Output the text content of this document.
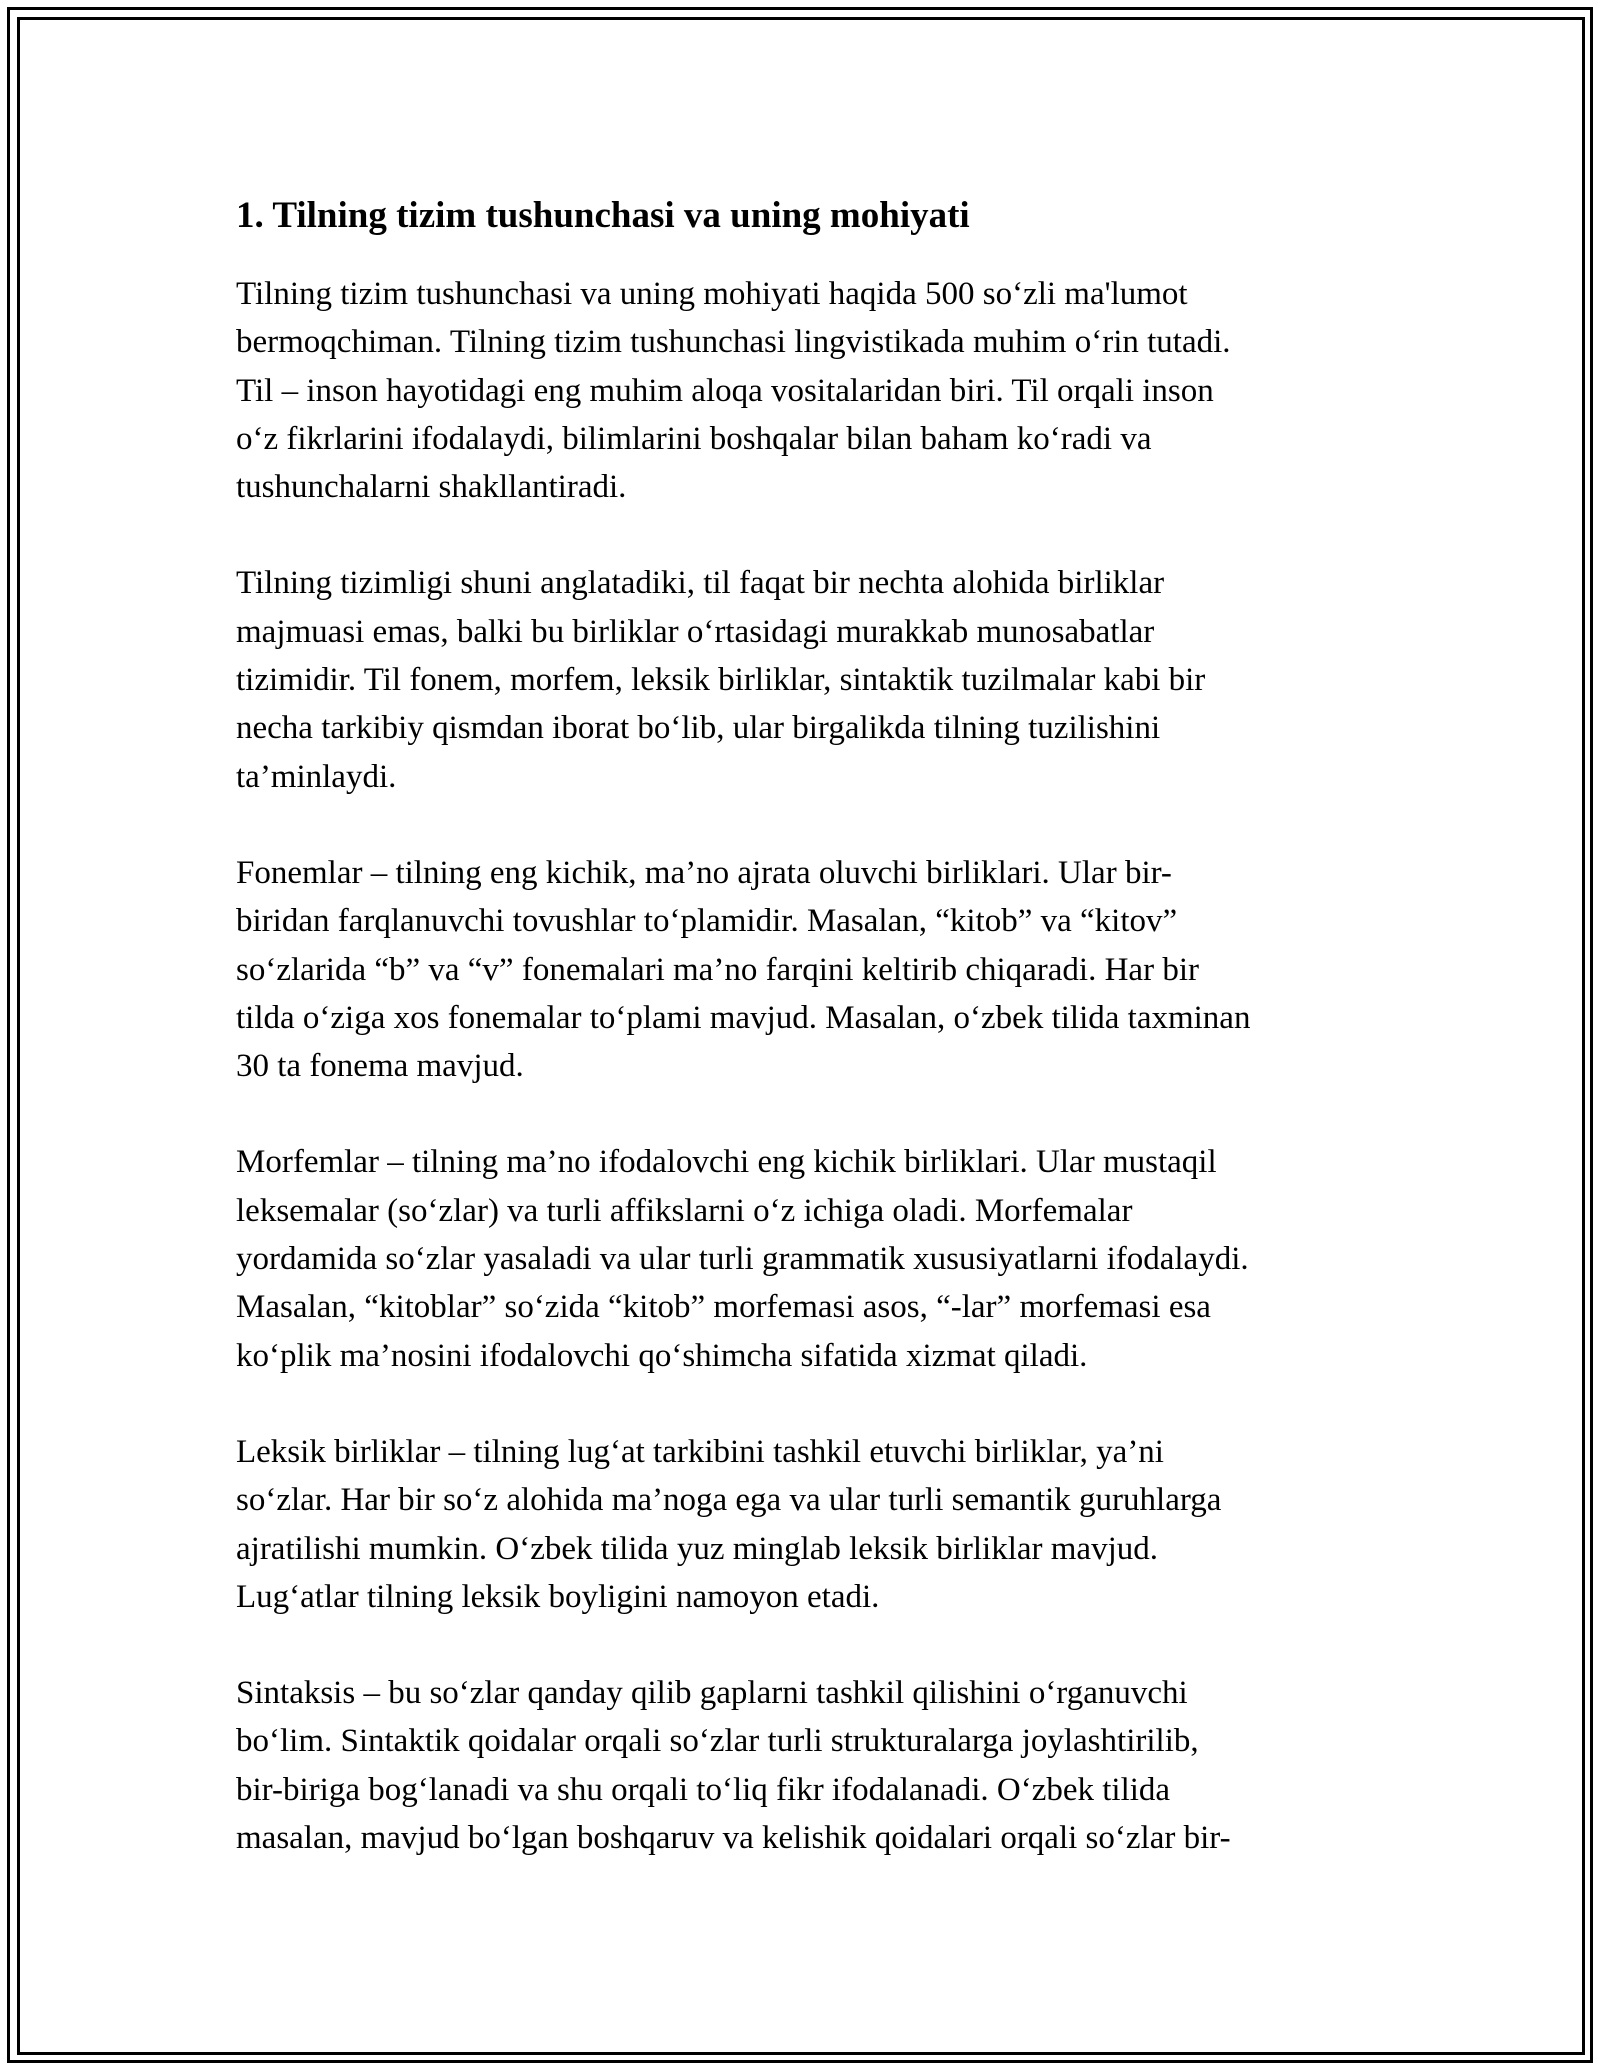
1. Tilning tizim tushunchasi va uning mohiyati

Tilning tizim tushunchasi va uning mohiyati haqida 500 so‘zli ma'lumot
bermoqchiman. Tilning tizim tushunchasi lingvistikada muhim o‘rin tutadi.
Til – inson hayotidagi eng muhim aloqa vositalaridan biri. Til orqali inson
o‘z fikrlarini ifodalaydi, bilimlarini boshqalar bilan baham ko‘radi va
tushunchalarni shakllantiradi.

Tilning tizimligi shuni anglatadiki, til faqat bir nechta alohida birliklar
majmuasi emas, balki bu birliklar o‘rtasidagi murakkab munosabatlar
tizimidir. Til fonem, morfem, leksik birliklar, sintaktik tuzilmalar kabi bir
necha tarkibiy qismdan iborat bo‘lib, ular birgalikda tilning tuzilishini
ta’minlaydi.

Fonemlar – tilning eng kichik, ma’no ajrata oluvchi birliklari. Ular bir-
biridan farqlanuvchi tovushlar to‘plamidir. Masalan, “kitob” va “kitov”
so‘zlarida “b” va “v” fonemalari ma’no farqini keltirib chiqaradi. Har bir
tilda o‘ziga xos fonemalar to‘plami mavjud. Masalan, o‘zbek tilida taxminan
30 ta fonema mavjud.

Morfemlar – tilning ma’no ifodalovchi eng kichik birliklari. Ular mustaqil
leksemalar (so‘zlar) va turli affikslarni o‘z ichiga oladi. Morfemalar
yordamida so‘zlar yasaladi va ular turli grammatik xususiyatlarni ifodalaydi.
Masalan, “kitoblar” so‘zida “kitob” morfemasi asos, “-lar” morfemasi esa
ko‘plik ma’nosini ifodalovchi qo‘shimcha sifatida xizmat qiladi.

Leksik birliklar – tilning lug‘at tarkibini tashkil etuvchi birliklar, ya’ni
so‘zlar. Har bir so‘z alohida ma’noga ega va ular turli semantik guruhlarga
ajratilishi mumkin. O‘zbek tilida yuz minglab leksik birliklar mavjud.
Lug‘atlar tilning leksik boyligini namoyon etadi.

Sintaksis – bu so‘zlar qanday qilib gaplarni tashkil qilishini o‘rganuvchi
bo‘lim. Sintaktik qoidalar orqali so‘zlar turli strukturalarga joylashtirilib,
bir-biriga bog‘lanadi va shu orqali to‘liq fikr ifodalanadi. O‘zbek tilida
masalan, mavjud bo‘lgan boshqaruv va kelishik qoidalari orqali so‘zlar bir-
